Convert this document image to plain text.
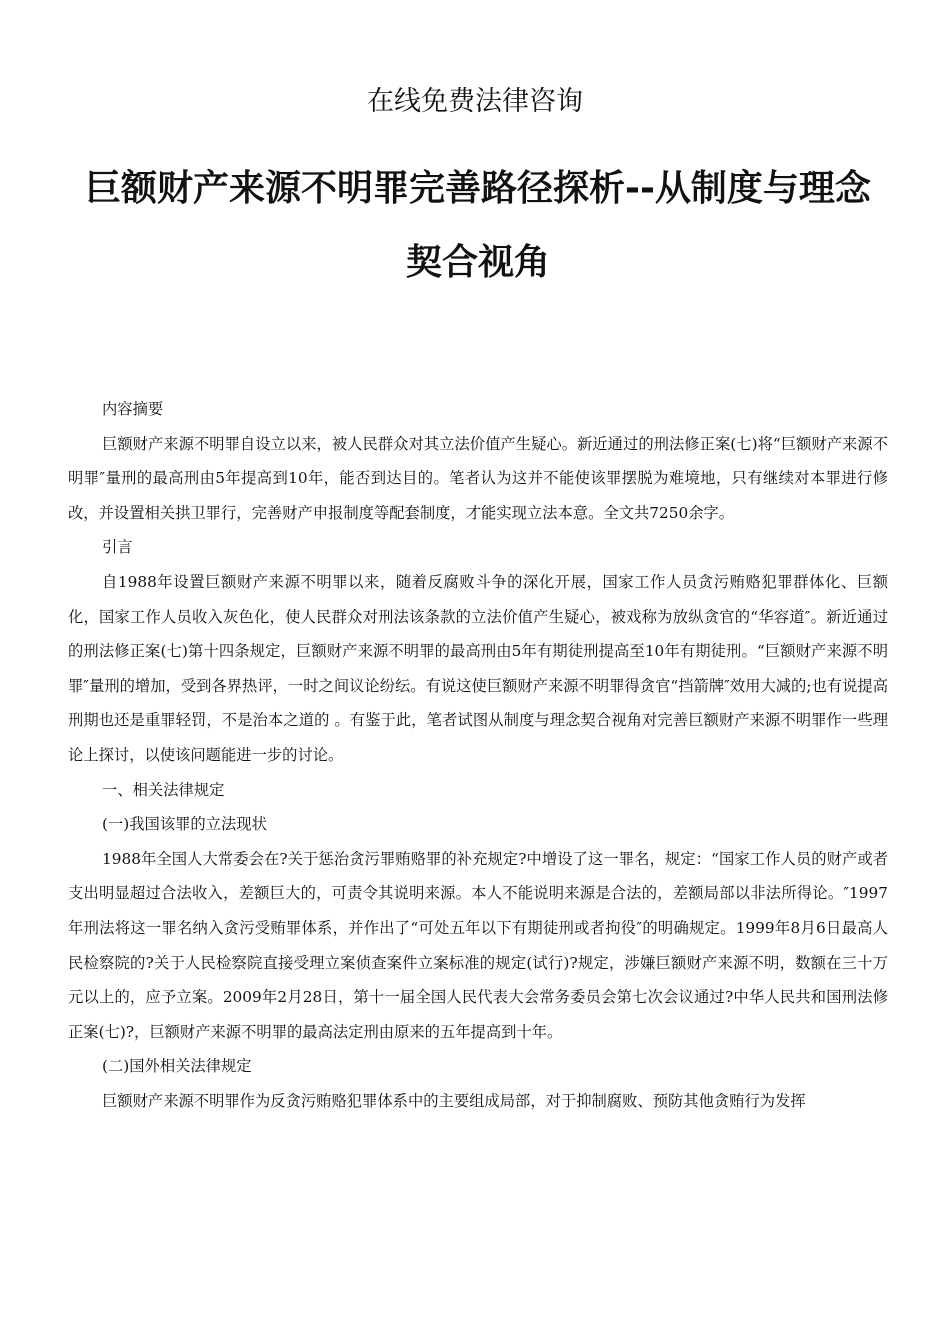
在线免费法律咨询
巨额财产来源不明罪完善路径探析--从制度与理念契合视角

内容摘要

巨额财产来源不明罪自设立以来，被人民群众对其立法价值产生疑心。新近通过的刑法修正案(七)将“巨额财产来源不明罪″量刑的最高刑由5年提高到10年，能否到达目的。笔者认为这并不能使该罪摆脱为难境地，只有继续对本罪进行修改，并设置相关拱卫罪行，完善财产申报制度等配套制度，才能实现立法本意。全文共7250余字。

引言

自1988年设置巨额财产来源不明罪以来，随着反腐败斗争的深化开展，国家工作人员贪污贿赂犯罪群体化、巨额化，国家工作人员收入灰色化，使人民群众对刑法该条款的立法价值产生疑心，被戏称为放纵贪官的“华容道″。新近通过的刑法修正案(七)第十四条规定，巨额财产来源不明罪的最高刑由5年有期徒刑提高至10年有期徒刑。“巨额财产来源不明罪″量刑的增加，受到各界热评，一时之间议论纷纭。有说这使巨额财产来源不明罪得贪官“挡箭牌″效用大减的;也有说提高刑期也还是重罪轻罚，不是治本之道的 。有鉴于此，笔者试图从制度与理念契合视角对完善巨额财产来源不明罪作一些理论上探讨，以使该问题能进一步的讨论。

一、相关法律规定

(一)我国该罪的立法现状

1988年全国人大常委会在?关于惩治贪污罪贿赂罪的补充规定?中增设了这一罪名，规定：“国家工作人员的财产或者支出明显超过合法收入，差额巨大的，可责令其说明来源。本人不能说明来源是合法的，差额局部以非法所得论。″1997年刑法将这一罪名纳入贪污受贿罪体系，并作出了“可处五年以下有期徒刑或者拘役″的明确规定。1999年8月6日最高人民检察院的?关于人民检察院直接受理立案侦查案件立案标准的规定(试行)?规定，涉嫌巨额财产来源不明，数额在三十万元以上的，应予立案。2009年2月28日，第十一届全国人民代表大会常务委员会第七次会议通过?中华人民共和国刑法修正案(七)?，巨额财产来源不明罪的最高法定刑由原来的五年提高到十年。

(二)国外相关法律规定

巨额财产来源不明罪作为反贪污贿赂犯罪体系中的主要组成局部，对于抑制腐败、预防其他贪贿行为发挥
